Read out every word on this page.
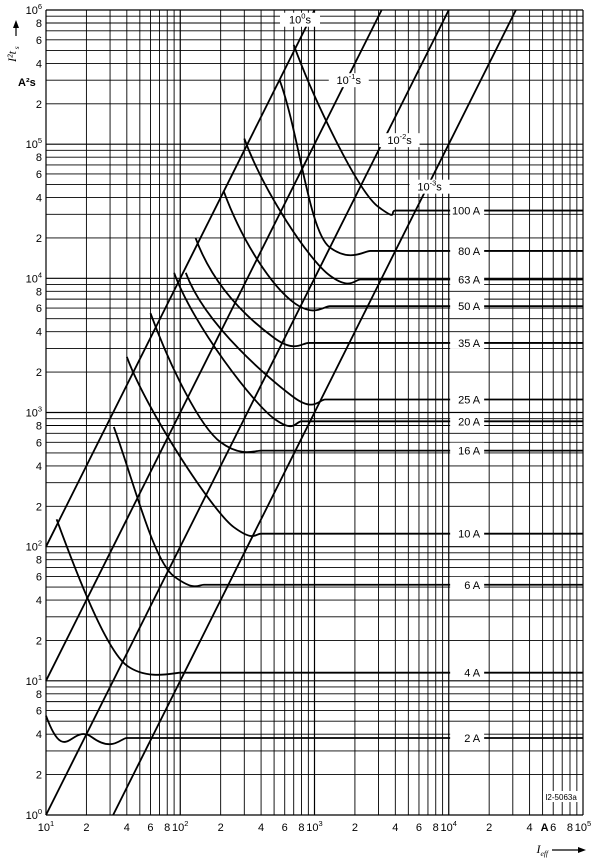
$10^0s$
$10^{-1}s$
$10^{-2}s$
$10^{-3}s$
2 A
4 A
6 A
10 A
16 A
20 A
25 A
35 A
50 A
63 A
80 A
100 A
$10^1$	2	4 6 8 $10^2$	2	4 6 8 $10^3$	2	4 6 8 $10^4$	2	4 6 8 $10^5$
$10^0$
2
4
6
8
$10^1$
2
4
6
8
$10^2$
2
4
6
8
$10^3$
2
4
6
8
$10^4$
2
4
6
8
$10^5$
2
4
6
8
$10^6$
I²t $_s$
A²s
$I_{eff}$
A
I2-5063a
